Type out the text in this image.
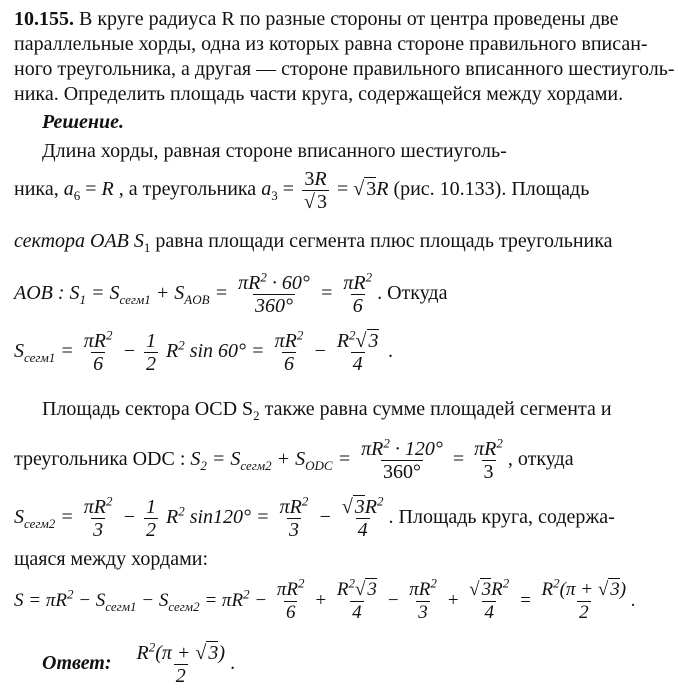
10.155. В круге радиуса R по разные стороны от центра проведены две
параллельные хорды, одна из которых равна стороне правильного вписан-
ного треугольника, а другая — стороне правильного вписанного шестиуголь-
ника. Определить площадь части круга, содержащейся между хордами.
Решение.
Длина хорды, равная стороне вписанного шестиуголь-
ника, $a_6 = R$ , а треугольника $a_3 = \frac{3R}{√ 3}$ = √ 3R (рис. 10.133). Площадь
сектора OAB $S_1$ равна площади сегмента плюс площадь треугольника
AOB : $S_1 = S_{сегм1} + S_{AOB} = \frac{\pi R^2 \cdot 60^\circ}{360^\circ} = \frac{\pi R^2}{6}$ . Откуда
$S_{сегм1} = \frac{\pi R^2}{6} - \frac{1}{2} R^2$ $\sin 60^\circ = \frac{\pi R^2}{6} - \frac{R^2√ 3}{4}$ .
Площадь сектора OCD $S_2$ также равна сумме площадей сегмента и
треугольника ODC : $S_2 = S_{сегм2} + S_{ODC} = \frac{\pi R^2 \cdot 120^\circ}{360^\circ} = \frac{\pi R^2}{3}$ , откуда
$S_{сегм2} = \frac{\pi R^2}{3} - \frac{1}{2} R^2$ $\sin 120^\circ = \frac{\pi R^2}{3} - \frac{√ 3R^2}{4}$ . Площадь круга, содержа-
щаяся между хордами:
$S = \pi R^2 - S_{сегм1} - S_{сегм2} = \pi R^2 - \frac{\pi R^2}{6} + \frac{R^2√ 3}{4} - \frac{\pi R^2}{3} + \frac{√ 3R^2}{4} = \frac{R^2(\pi + √ 3)}{2}$ .
Ответ: $\frac{R^2(\pi + √ 3)}{2}$ .
